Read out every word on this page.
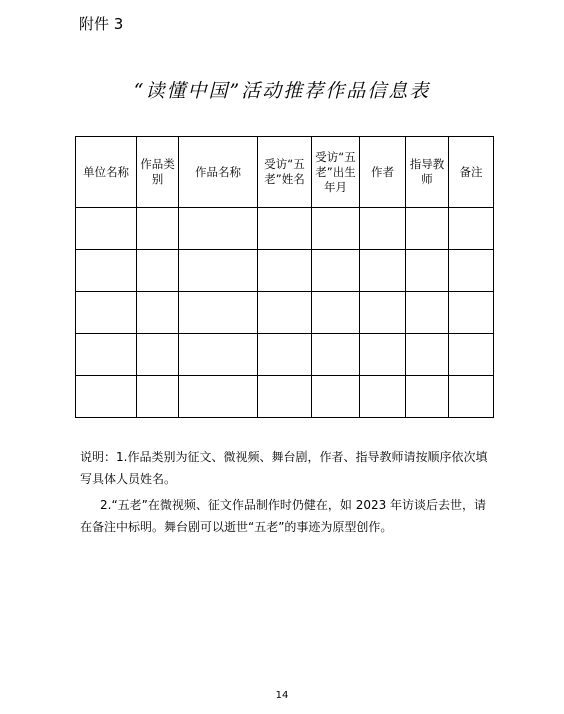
附件 3
“读懂中国”活动推荐作品信息表
单位名称	作品类别	作品名称	受访“五老”姓名	受访“五老”出生年月	作者	指导教师	备注

说明：1.作品类别为征文、微视频、舞台剧，作者、指导教师请按顺序依次填写具体人员姓名。
2.“五老”在微视频、征文作品制作时仍健在，如 2023 年访谈后去世，请在备注中标明。舞台剧可以逝世“五老”的事迹为原型创作。
14
